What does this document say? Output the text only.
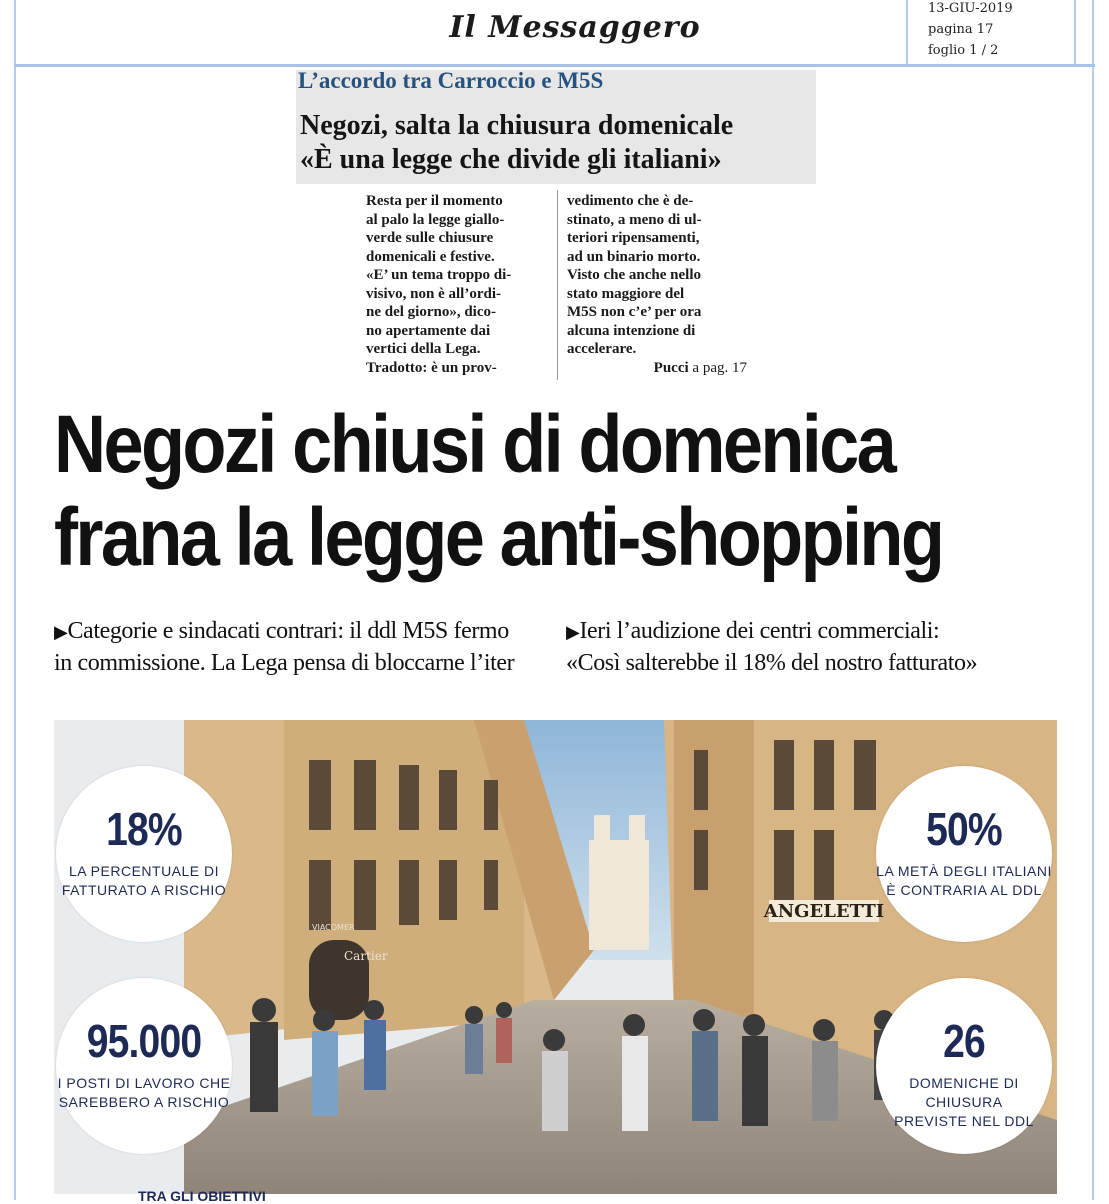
Il Messaggero
13-GIU-2019
pagina 17
foglio 1 / 2
L’accordo tra Carroccio e M5S
Negozi, salta la chiusura domenicale
«È una legge che divide gli italiani»
Resta per il momento
al palo la legge giallo-
verde sulle chiusure
domenicali e festive.
«E’ un tema troppo di-
visivo, non è all’ordi-
ne del giorno», dico-
no apertamente dai
vertici della Lega.
Tradotto: è un prov-
vedimento che è de-
stinato, a meno di ul-
teriori ripensamenti,
ad un binario morto.
Visto che anche nello
stato maggiore del
M5S non c’e’ per ora
alcuna intenzione di
accelerare.
Pucci a pag. 17
Negozi chiusi di domenica
frana la legge anti-shopping
▶Categorie e sindacati contrari: il ddl M5S fermo
in commissione. La Lega pensa di bloccarne l’iter
▶Ieri l’audizione dei centri commerciali:
«Così salterebbe il 18% del nostro fatturato»
ANGELETTI
Cartier
VIACOMER
18%
LA PERCENTUALE DI
FATTURATO A RISCHIO
50%
LA METÀ DEGLI ITALIANI
È CONTRARIA AL DDL
95.000
I POSTI DI LAVORO CHE
SAREBBERO A RISCHIO
26
DOMENICHE DI CHIUSURA
PREVISTE NEL DDL
TRA GLI OBIETTIVI
